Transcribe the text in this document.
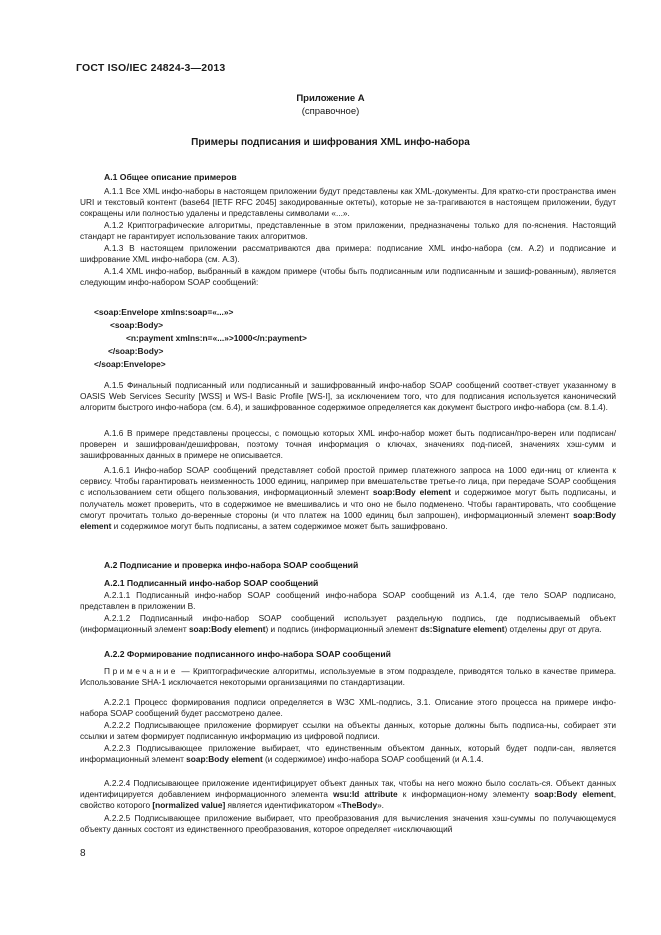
ГОСТ ISO/IEC 24824-3—2013
Приложение А
(справочное)
Примеры подписания и шифрования XML инфо-набора
А.1 Общее описание примеров
А.1.1 Все XML инфо-наборы в настоящем приложении будут представлены как XML-документы. Для кратко-сти пространства имен URI и текстовый контент (base64 [IETF RFC 2045] закодированные октеты), которые не за-трагиваются в настоящем приложении, будут сокращены или полностью удалены и представлены символами «...».
А.1.2 Криптографические алгоритмы, представленные в этом приложении, предназначены только для по-яснения. Настоящий стандарт не гарантирует использование таких алгоритмов.
А.1.3 В настоящем приложении рассматриваются два примера: подписание XML инфо-набора (см. А.2) и подписание и шифрование XML инфо-набора (см. А.3).
А.1.4 XML инфо-набор, выбранный в каждом примере (чтобы быть подписанным или подписанным и зашиф-рованным), является следующим инфо-набором SOAP сообщений:
<soap:Envelope xmlns:soap=«...»>
<soap:Body>
<n:payment xmlns:n=«...»>1000</n:payment>
</soap:Body>
</soap:Envelope>
А.1.5 Финальный подписанный или подписанный и зашифрованный инфо-набор SOAP сообщений соответ-ствует указанному в OASIS Web Services Security [WSS] и WS-I Basic Profile [WS-I], за исключением того, что для подписания используется канонический алгоритм быстрого инфо-набора (см. 6.4), и зашифрованное содержимое определяется как документ быстрого инфо-набора (см. 8.1.4).
А.1.6 В примере представлены процессы, с помощью которых XML инфо-набор может быть подписан/про-верен или подписан/проверен и зашифрован/дешифрован, поэтому точная информация о ключах, значениях под-писей, значениях хэш-сумм и зашифрованных данных в примере не описывается.
А.1.6.1 Инфо-набор SOAP сообщений представляет собой простой пример платежного запроса на 1000 еди-ниц от клиента к сервису. Чтобы гарантировать неизменность 1000 единиц, например при вмешательстве третье-го лица, при передаче SOAP сообщения с использованием сети общего пользования, информационный элемент soap:Body element и содержимое могут быть подписаны, и получатель может проверить, что в содержимое не вмешивались и что оно не было подменено. Чтобы гарантировать, что сообщение смогут прочитать только до-веренные стороны (и что платеж на 1000 единиц был запрошен), информационный элемент soap:Body element и содержимое могут быть подписаны, а затем содержимое может быть зашифровано.
А.2 Подписание и проверка инфо-набора SOAP сообщений
А.2.1 Подписанный инфо-набор SOAP сообщений
А.2.1.1 Подписанный инфо-набор SOAP сообщений инфо-набора SOAP сообщений из А.1.4, где тело SOAP подписано, представлен в приложении В.
А.2.1.2 Подписанный инфо-набор SOAP сообщений использует раздельную подпись, где подписываемый объект (информационный элемент soap:Body element) и подпись (информационный элемент ds:Signature element) отделены друг от друга.
А.2.2 Формирование подписанного инфо-набора SOAP сообщений
Примечание — Криптографические алгоритмы, используемые в этом подразделе, приводятся только в качестве примера. Использование SHA-1 исключается некоторыми организациями по стандартизации.
А.2.2.1 Процесс формирования подписи определяется в W3C XML-подпись, 3.1. Описание этого процесса на примере инфо-набора SOAP сообщений будет рассмотрено далее.
А.2.2.2 Подписывающее приложение формирует ссылки на объекты данных, которые должны быть подписа-ны, собирает эти ссылки и затем формирует подписанную информацию из цифровой подписи.
А.2.2.3 Подписывающее приложение выбирает, что единственным объектом данных, который будет подпи-сан, является информационный элемент soap:Body element (и содержимое) инфо-набора SOAP сообщений (и А.1.4.
А.2.2.4 Подписывающее приложение идентифицирует объект данных так, чтобы на него можно было сослать-ся. Объект данных идентифицируется добавлением информационного элемента wsu:Id attribute к информацион-ному элементу soap:Body element, свойство которого [normalized value] является идентификатором «TheBody».
А.2.2.5 Подписывающее приложение выбирает, что преобразования для вычисления значения хэш-суммы по получающемуся объекту данных состоят из единственного преобразования, которое определяет «исключающий
8
